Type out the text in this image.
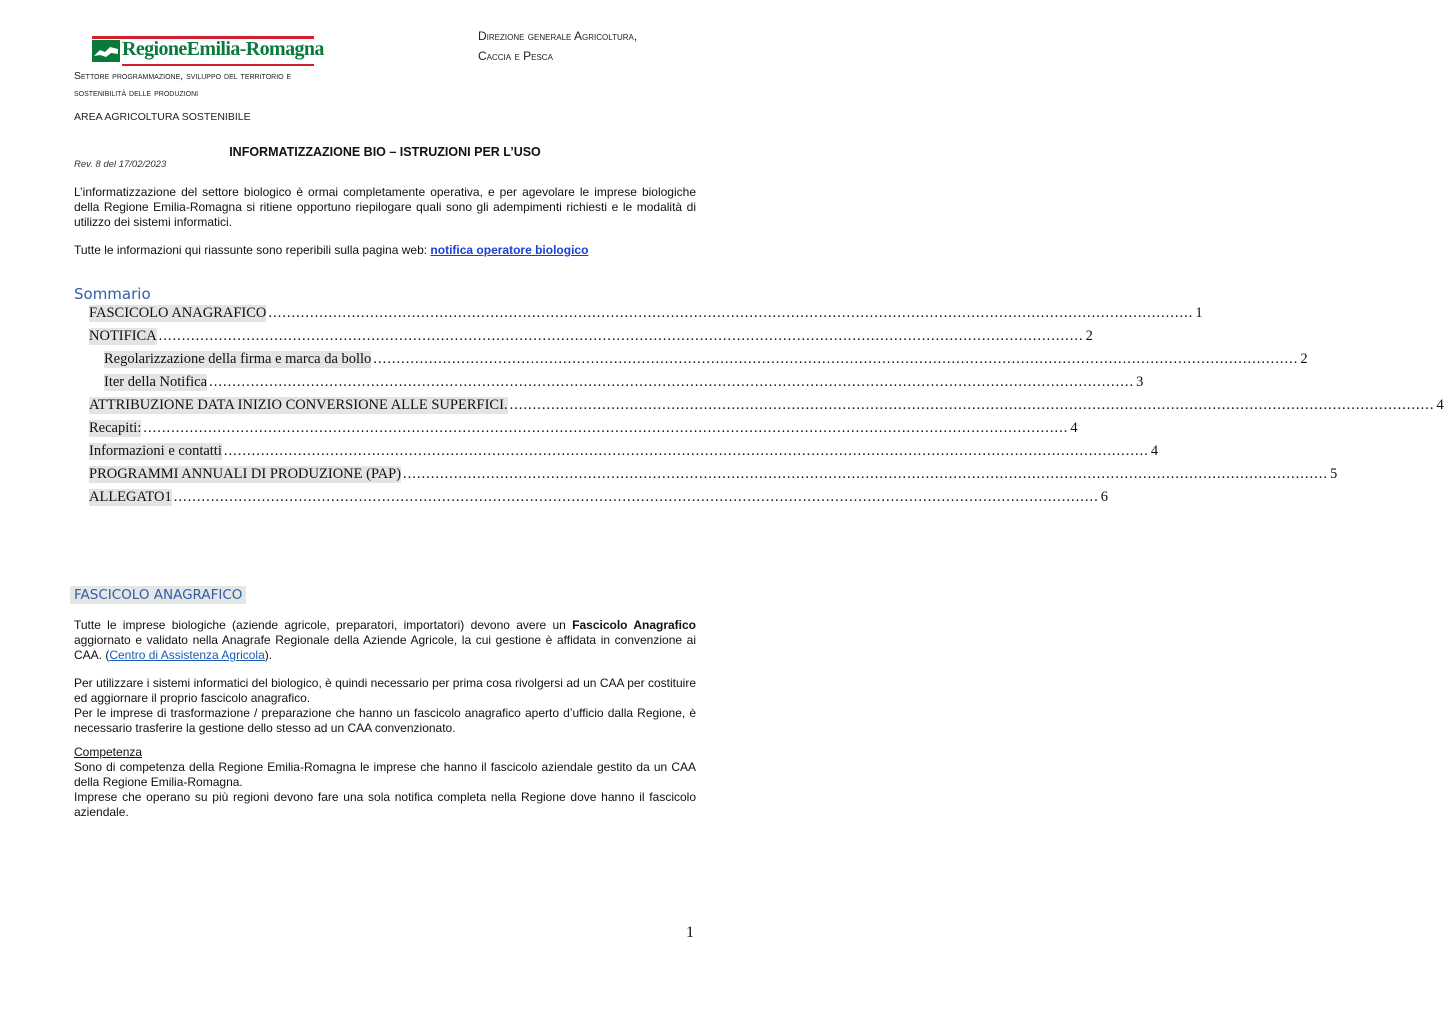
RegioneEmilia-Romagna
Direzione generale Agricoltura,
Caccia e Pesca
Settore programmazione, sviluppo del territorio e
sostenibilità delle produzioni
AREA AGRICOLTURA SOSTENIBILE
INFORMATIZZAZIONE BIO – ISTRUZIONI PER L’USO
Rev. 8 del 17/02/2023
L’informatizzazione del settore biologico è ormai completamente operativa, e per agevolare le imprese biologiche della Regione Emilia-Romagna si ritiene opportuno riepilogare quali sono gli adempimenti richiesti e le modalità di utilizzo dei sistemi informatici.
Tutte le informazioni qui riassunte sono reperibili sulla pagina web: notifica operatore biologico
Sommario
FASCICOLO ANAGRAFICO ........................................................................................................................................................................................................ 1
NOTIFICA ........................................................................................................................................................................................................ 2
Regolarizzazione della firma e marca da bollo ........................................................................................................................................................................................................ 2
Iter della Notifica ........................................................................................................................................................................................................ 3
ATTRIBUZIONE DATA INIZIO CONVERSIONE ALLE SUPERFICI. ........................................................................................................................................................................................................ 4
Recapiti: ........................................................................................................................................................................................................ 4
Informazioni e contatti ........................................................................................................................................................................................................ 4
PROGRAMMI ANNUALI DI PRODUZIONE (PAP) ........................................................................................................................................................................................................ 5
ALLEGATO1 ........................................................................................................................................................................................................ 6
FASCICOLO ANAGRAFICO
Tutte le imprese biologiche (aziende agricole, preparatori, importatori) devono avere un Fascicolo Anagrafico aggiornato e validato nella Anagrafe Regionale della Aziende Agricole, la cui gestione è affidata in convenzione ai CAA. (Centro di Assistenza Agricola).
Per utilizzare i sistemi informatici del biologico, è quindi necessario per prima cosa rivolgersi ad un CAA per costituire ed aggiornare il proprio fascicolo anagrafico.
Per le imprese di trasformazione / preparazione che hanno un fascicolo anagrafico aperto d’ufficio dalla Regione, è necessario trasferire la gestione dello stesso ad un CAA convenzionato.
Competenza
Sono di competenza della Regione Emilia-Romagna le imprese che hanno il fascicolo aziendale gestito da un CAA della Regione Emilia-Romagna.
Imprese che operano su più regioni devono fare una sola notifica completa nella Regione dove hanno il fascicolo aziendale.
1
